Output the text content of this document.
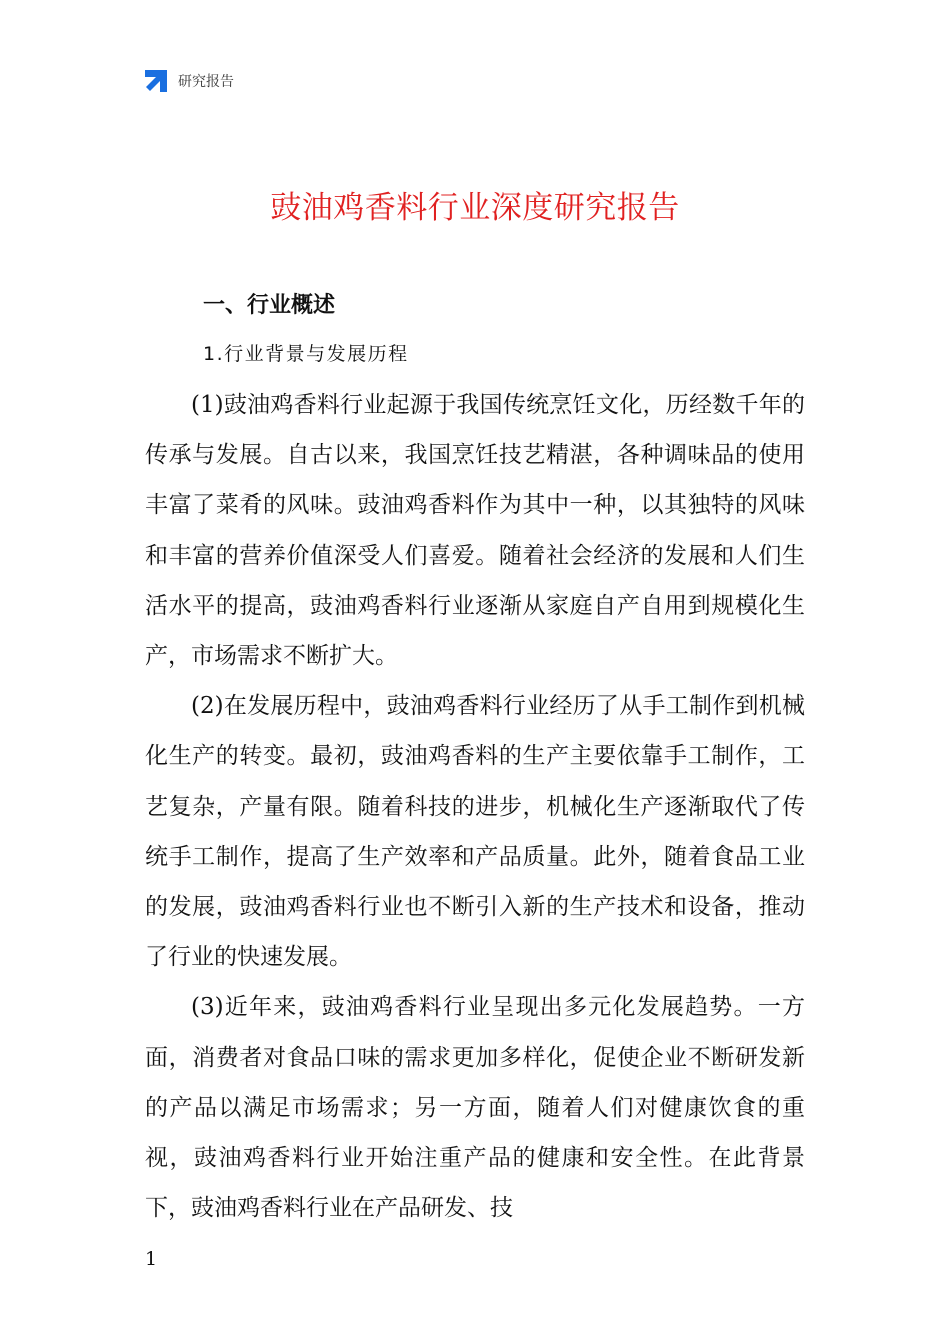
研究报告
豉油鸡香料行业深度研究报告
一、行业概述
1.行业背景与发展历程

(1)豉油鸡香料行业起源于我国传统烹饪文化，历经数千年的传承与发展。自古以来，我国烹饪技艺精湛，各种调味品的使用丰富了菜肴的风味。豉油鸡香料作为其中一种，以其独特的风味和丰富的营养价值深受人们喜爱。随着社会经济的发展和人们生活水平的提高，豉油鸡香料行业逐渐从家庭自产自用到规模化生产，市场需求不断扩大。

(2)在发展历程中，豉油鸡香料行业经历了从手工制作到机械化生产的转变。最初，豉油鸡香料的生产主要依靠手工制作，工艺复杂，产量有限。随着科技的进步，机械化生产逐渐取代了传统手工制作，提高了生产效率和产品质量。此外，随着食品工业的发展，豉油鸡香料行业也不断引入新的生产技术和设备，推动了行业的快速发展。

(3)近年来，豉油鸡香料行业呈现出多元化发展趋势。一方面，消费者对食品口味的需求更加多样化，促使企业不断研发新的产品以满足市场需求；另一方面，随着人们对健康饮食的重视，豉油鸡香料行业开始注重产品的健康和安全性。在此背景下，豉油鸡香料行业在产品研发、技

1
